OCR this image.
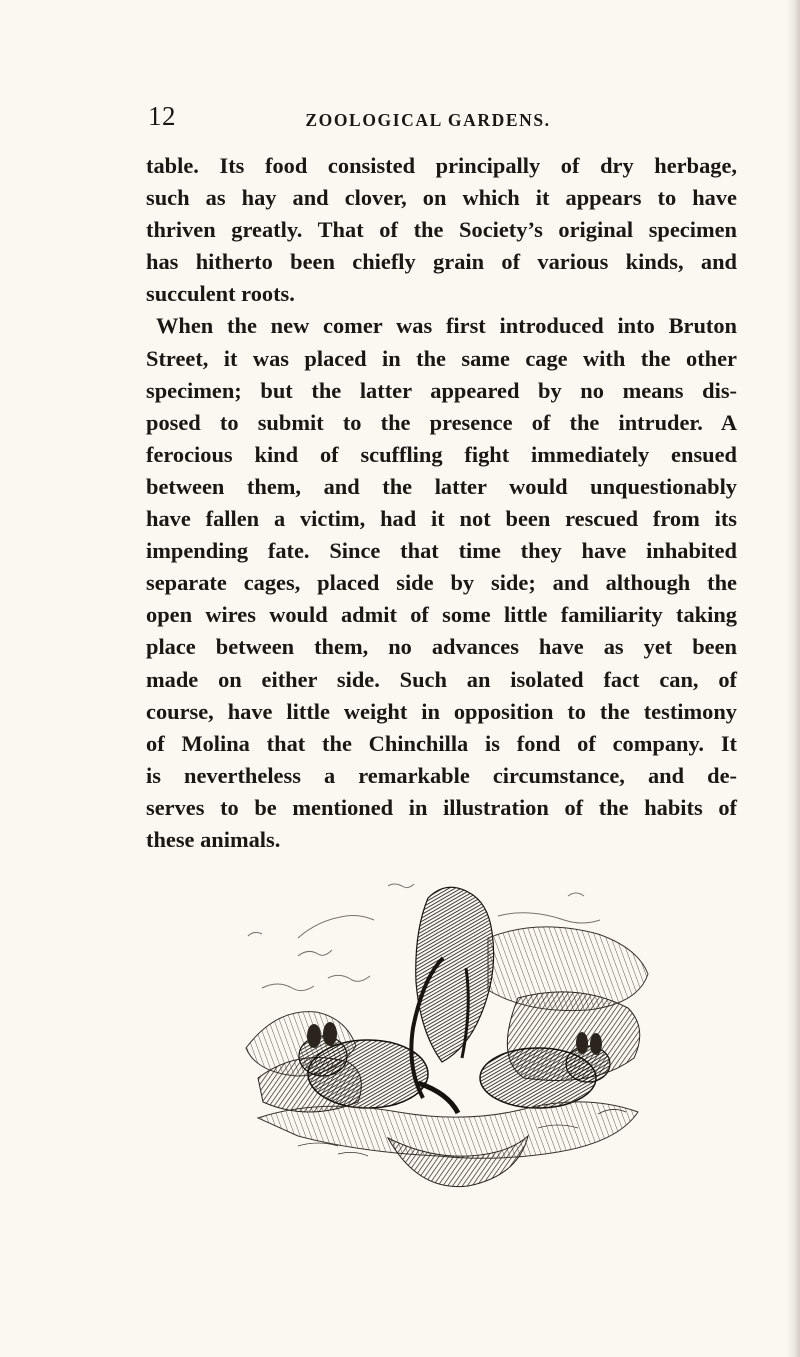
12	ZOOLOGICAL GARDENS.
table. Its food consisted principally of dry herbage,
such as hay and clover, on which it appears to have
thriven greatly. That of the Society’s original specimen
has hitherto been chiefly grain of various kinds, and
succulent roots.
When the new comer was first introduced into Bruton
Street, it was placed in the same cage with the other
specimen; but the latter appeared by no means dis-
posed to submit to the presence of the intruder. A
ferocious kind of scuffling fight immediately ensued
between them, and the latter would unquestionably
have fallen a victim, had it not been rescued from its
impending fate. Since that time they have inhabited
separate cages, placed side by side; and although the
open wires would admit of some little familiarity taking
place between them, no advances have as yet been
made on either side. Such an isolated fact can, of
course, have little weight in opposition to the testimony
of Molina that the Chinchilla is fond of company. It
is nevertheless a remarkable circumstance, and de-
serves to be mentioned in illustration of the habits of
these animals.
